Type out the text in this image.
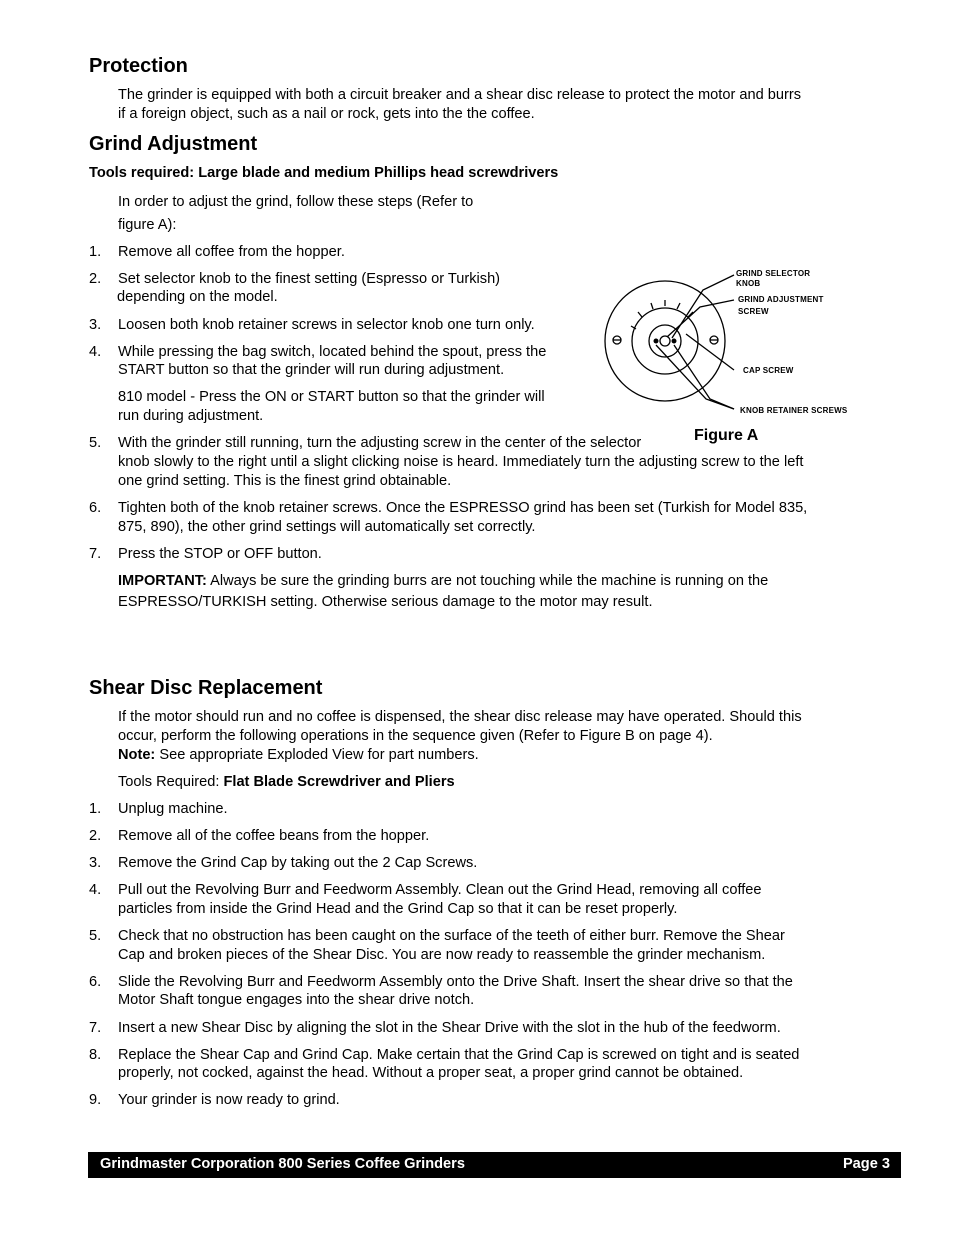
Protection
The grinder is equipped with both a circuit breaker and a shear disc release to protect the motor and burrs
if a foreign object, such as a nail or rock, gets into the the coffee.
Grind Adjustment
Tools required: Large blade and medium Phillips head screwdrivers
In order to adjust the grind, follow these steps (Refer to
figure A):
1. Remove all coffee from the hopper.
2. Set selector knob to the finest setting (Espresso or Turkish)
depending on the model.
3. Loosen both knob retainer screws in selector knob one turn only.
4. While pressing the bag switch, located behind the spout, press the
START button so that the grinder will run during adjustment.
810 model - Press the ON or START button so that the grinder will
run during adjustment.
5. With the grinder still running, turn the adjusting screw in the center of the selector
knob slowly to the right until a slight clicking noise is heard. Immediately turn the adjusting screw to the left
one grind setting. This is the finest grind obtainable.
6. Tighten both of the knob retainer screws. Once the ESPRESSO grind has been set (Turkish for Model 835,
875, 890), the other grind settings will automatically set correctly.
7. Press the STOP or OFF button.
IMPORTANT: Always be sure the grinding burrs are not touching while the machine is running on the
ESPRESSO/TURKISH setting. Otherwise serious damage to the motor may result.
GRIND SELECTOR
KNOB
GRIND ADJUSTMENT
SCREW
CAP SCREW
KNOB RETAINER SCREWS
Figure A
Shear Disc Replacement
If the motor should run and no coffee is dispensed, the shear disc release may have operated. Should this
occur, perform the following operations in the sequence given (Refer to Figure B on page 4).
Note: See appropriate Exploded View for part numbers.
Tools Required: Flat Blade Screwdriver and Pliers
1. Unplug machine.
2. Remove all of the coffee beans from the hopper.
3. Remove the Grind Cap by taking out the 2 Cap Screws.
4. Pull out the Revolving Burr and Feedworm Assembly. Clean out the Grind Head, removing all coffee
particles from inside the Grind Head and the Grind Cap so that it can be reset properly.
5. Check that no obstruction has been caught on the surface of the teeth of either burr. Remove the Shear
Cap and broken pieces of the Shear Disc. You are now ready to reassemble the grinder mechanism.
6. Slide the Revolving Burr and Feedworm Assembly onto the Drive Shaft. Insert the shear drive so that the
Motor Shaft tongue engages into the shear drive notch.
7. Insert a new Shear Disc by aligning the slot in the Shear Drive with the slot in the hub of the feedworm.
8. Replace the Shear Cap and Grind Cap. Make certain that the Grind Cap is screwed on tight and is seated
properly, not cocked, against the head. Without a proper seat, a proper grind cannot be obtained.
9. Your grinder is now ready to grind.
Grindmaster Corporation 800 Series Coffee Grinders	Page 3
